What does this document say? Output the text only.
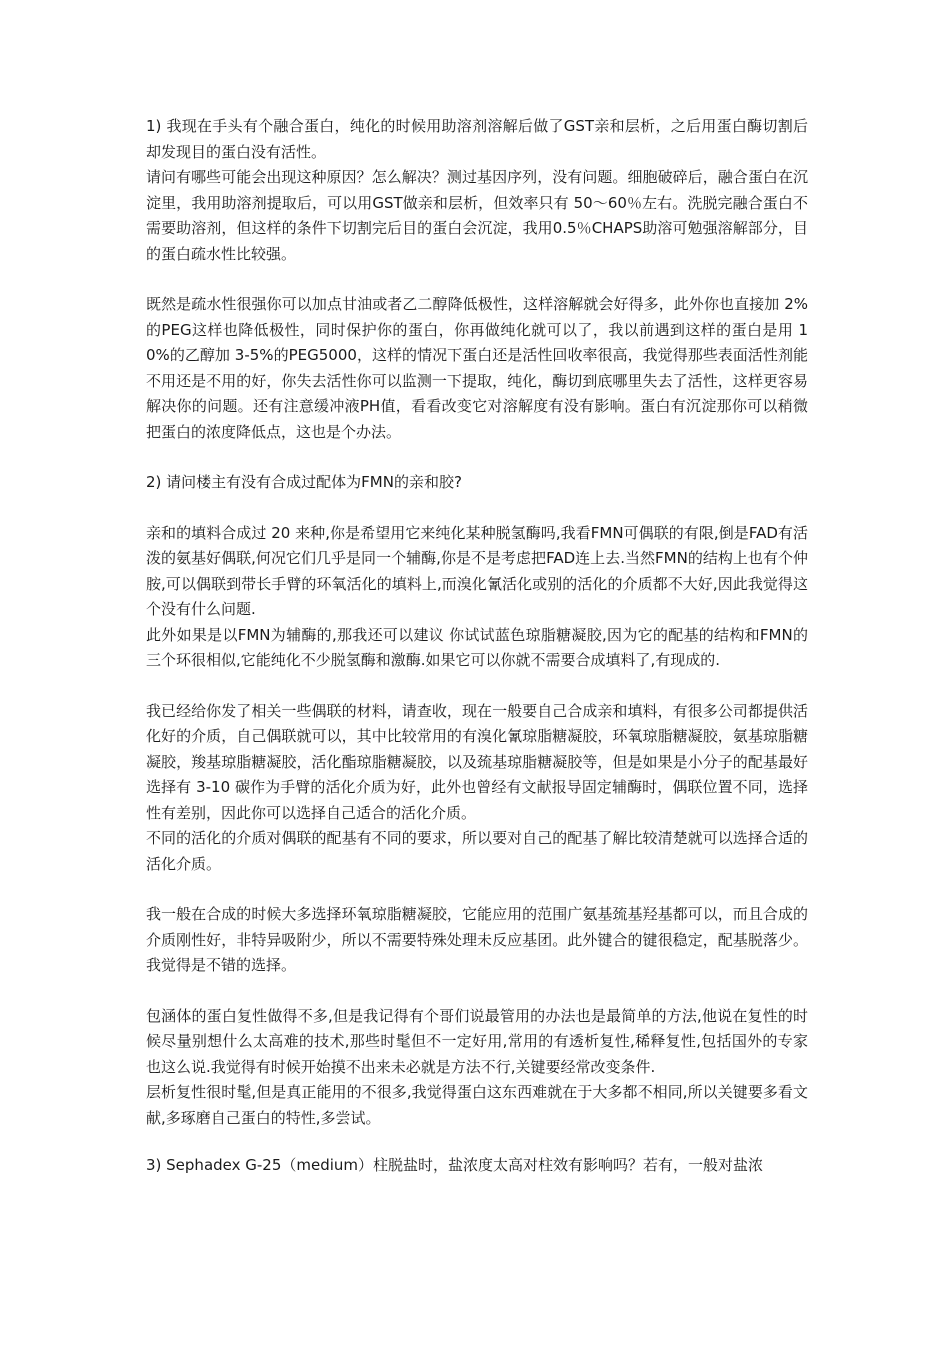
1) 我现在手头有个融合蛋白，纯化的时候用助溶剂溶解后做了GST亲和层析，之后用蛋白酶切割后却发现目的蛋白没有活性。

请问有哪些可能会出现这种原因？怎么解决？测过基因序列，没有问题。细胞破碎后，融合蛋白在沉淀里，我用助溶剂提取后，可以用GST做亲和层析，但效率只有 50～60％左右。洗脱完融合蛋白不需要助溶剂，但这样的条件下切割完后目的蛋白会沉淀，我用0.5％CHAPS助溶可勉强溶解部分，目的蛋白疏水性比较强。

既然是疏水性很强你可以加点甘油或者乙二醇降低极性，这样溶解就会好得多，此外你也直接加 2%的PEG这样也降低极性，同时保护你的蛋白，你再做纯化就可以了，我以前遇到这样的蛋白是用 10%的乙醇加 3-5%的PEG5000，这样的情况下蛋白还是活性回收率很高，我觉得那些表面活性剂能不用还是不用的好，你失去活性你可以监测一下提取，纯化，酶切到底哪里失去了活性，这样更容易解决你的问题。还有注意缓冲液PH值，看看改变它对溶解度有没有影响。蛋白有沉淀那你可以稍微把蛋白的浓度降低点，这也是个办法。

2) 请问楼主有没有合成过配体为FMN的亲和胶?

亲和的填料合成过 20 来种,你是希望用它来纯化某种脱氢酶吗,我看FMN可偶联的有限,倒是FAD有活泼的氨基好偶联,何况它们几乎是同一个辅酶,你是不是考虑把FAD连上去.当然FMN的结构上也有个仲胺,可以偶联到带长手臂的环氧活化的填料上,而溴化氰活化或别的活化的介质都不大好,因此我觉得这个没有什么问题.

此外如果是以FMN为辅酶的,那我还可以建议 你试试蓝色琼脂糖凝胶,因为它的配基的结构和FMN的三个环很相似,它能纯化不少脱氢酶和激酶.如果它可以你就不需要合成填料了,有现成的.

我已经给你发了相关一些偶联的材料，请查收，现在一般要自己合成亲和填料，有很多公司都提供活化好的介质，自己偶联就可以，其中比较常用的有溴化氰琼脂糖凝胶，环氧琼脂糖凝胶，氨基琼脂糖凝胶，羧基琼脂糖凝胶，活化酯琼脂糖凝胶，以及巯基琼脂糖凝胶等，但是如果是小分子的配基最好选择有 3-10 碳作为手臂的活化介质为好，此外也曾经有文献报导固定辅酶时，偶联位置不同，选择性有差别，因此你可以选择自己适合的活化介质。

不同的活化的介质对偶联的配基有不同的要求，所以要对自己的配基了解比较清楚就可以选择合适的活化介质。

我一般在合成的时候大多选择环氧琼脂糖凝胶，它能应用的范围广氨基巯基羟基都可以，而且合成的介质刚性好，非特异吸附少，所以不需要特殊处理未反应基团。此外键合的键很稳定，配基脱落少。我觉得是不错的选择。

包涵体的蛋白复性做得不多,但是我记得有个哥们说最管用的办法也是最简单的方法,他说在复性的时候尽量别想什么太高难的技术,那些时髦但不一定好用,常用的有透析复性,稀释复性,包括国外的专家也这么说.我觉得有时候开始摸不出来未必就是方法不行,关键要经常改变条件.

层析复性很时髦,但是真正能用的不很多,我觉得蛋白这东西难就在于大多都不相同,所以关键要多看文献,多琢磨自己蛋白的特性,多尝试。

3) Sephadex G-25（medium）柱脱盐时，盐浓度太高对柱效有影响吗？若有，一般对盐浓
